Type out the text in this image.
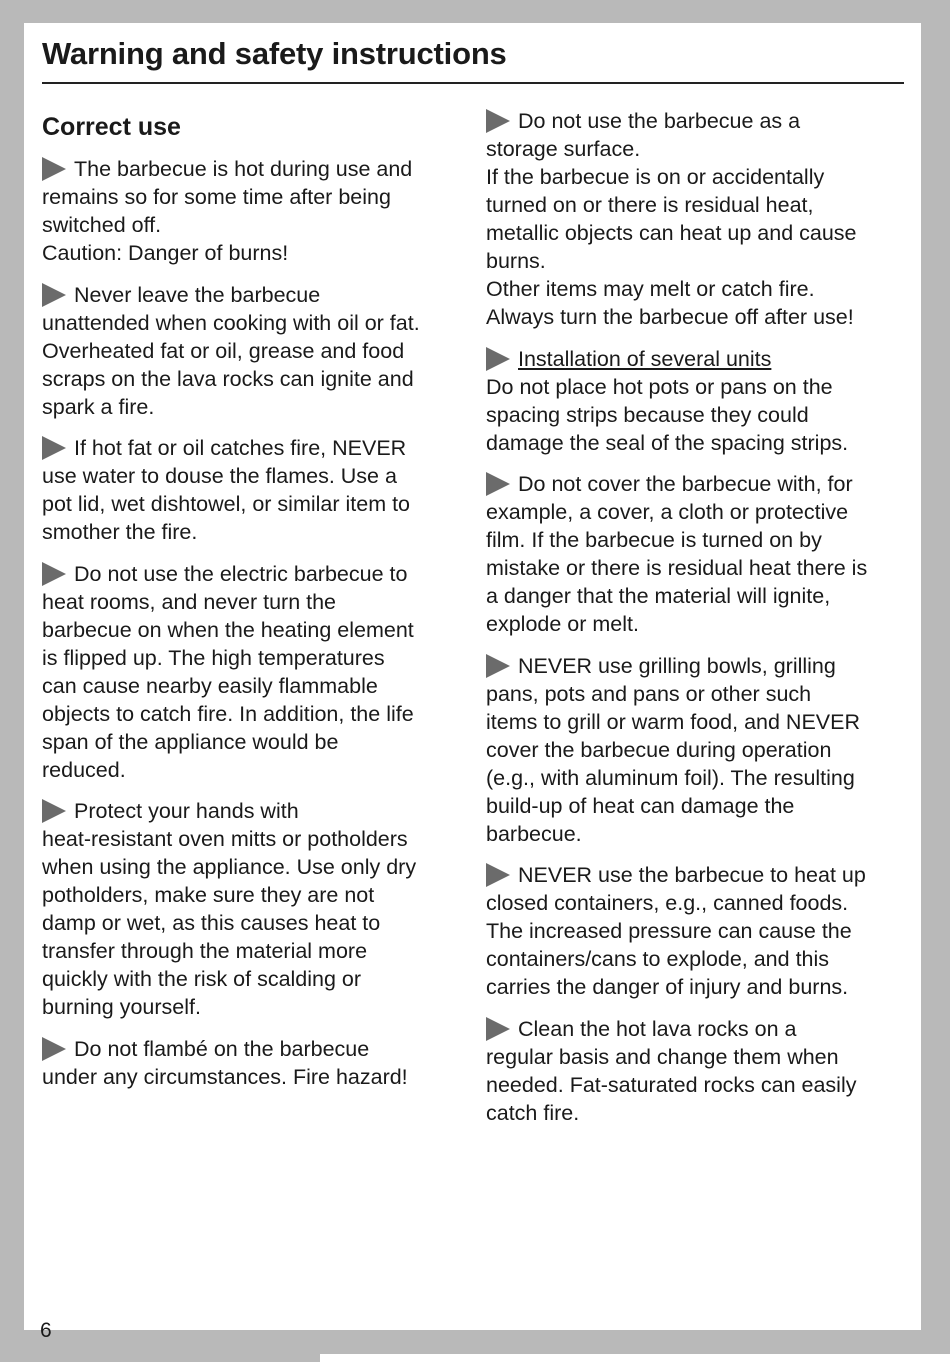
Warning and safety instructions
Correct use
The barbecue is hot during use and
remains so for some time after being
switched off.
Caution: Danger of burns!
Never leave the barbecue
unattended when cooking with oil or fat.
Overheated fat or oil, grease and food
scraps on the lava rocks can ignite and
spark a fire.
If hot fat or oil catches fire, NEVER
use water to douse the flames. Use a
pot lid, wet dishtowel, or similar item to
smother the fire.
Do not use the electric barbecue to
heat rooms, and never turn the
barbecue on when the heating element
is flipped up. The high temperatures
can cause nearby easily flammable
objects to catch fire. In addition, the life
span of the appliance would be
reduced.
Protect your hands with
heat-resistant oven mitts or potholders
when using the appliance. Use only dry
potholders, make sure they are not
damp or wet, as this causes heat to
transfer through the material more
quickly with the risk of scalding or
burning yourself.
Do not flambé on the barbecue
under any circumstances. Fire hazard!
Do not use the barbecue as a
storage surface.
If the barbecue is on or accidentally
turned on or there is residual heat,
metallic objects can heat up and cause
burns.
Other items may melt or catch fire.
Always turn the barbecue off after use!
Installation of several units
Do not place hot pots or pans on the
spacing strips because they could
damage the seal of the spacing strips.
Do not cover the barbecue with, for
example, a cover, a cloth or protective
film. If the barbecue is turned on by
mistake or there is residual heat there is
a danger that the material will ignite,
explode or melt.
NEVER use grilling bowls, grilling
pans, pots and pans or other such
items to grill or warm food, and NEVER
cover the barbecue during operation
(e.g., with aluminum foil). The resulting
build-up of heat can damage the
barbecue.
NEVER use the barbecue to heat up
closed containers, e.g., canned foods.
The increased pressure can cause the
containers/cans to explode, and this
carries the danger of injury and burns.
Clean the hot lava rocks on a
regular basis and change them when
needed. Fat-saturated rocks can easily
catch fire.
6
